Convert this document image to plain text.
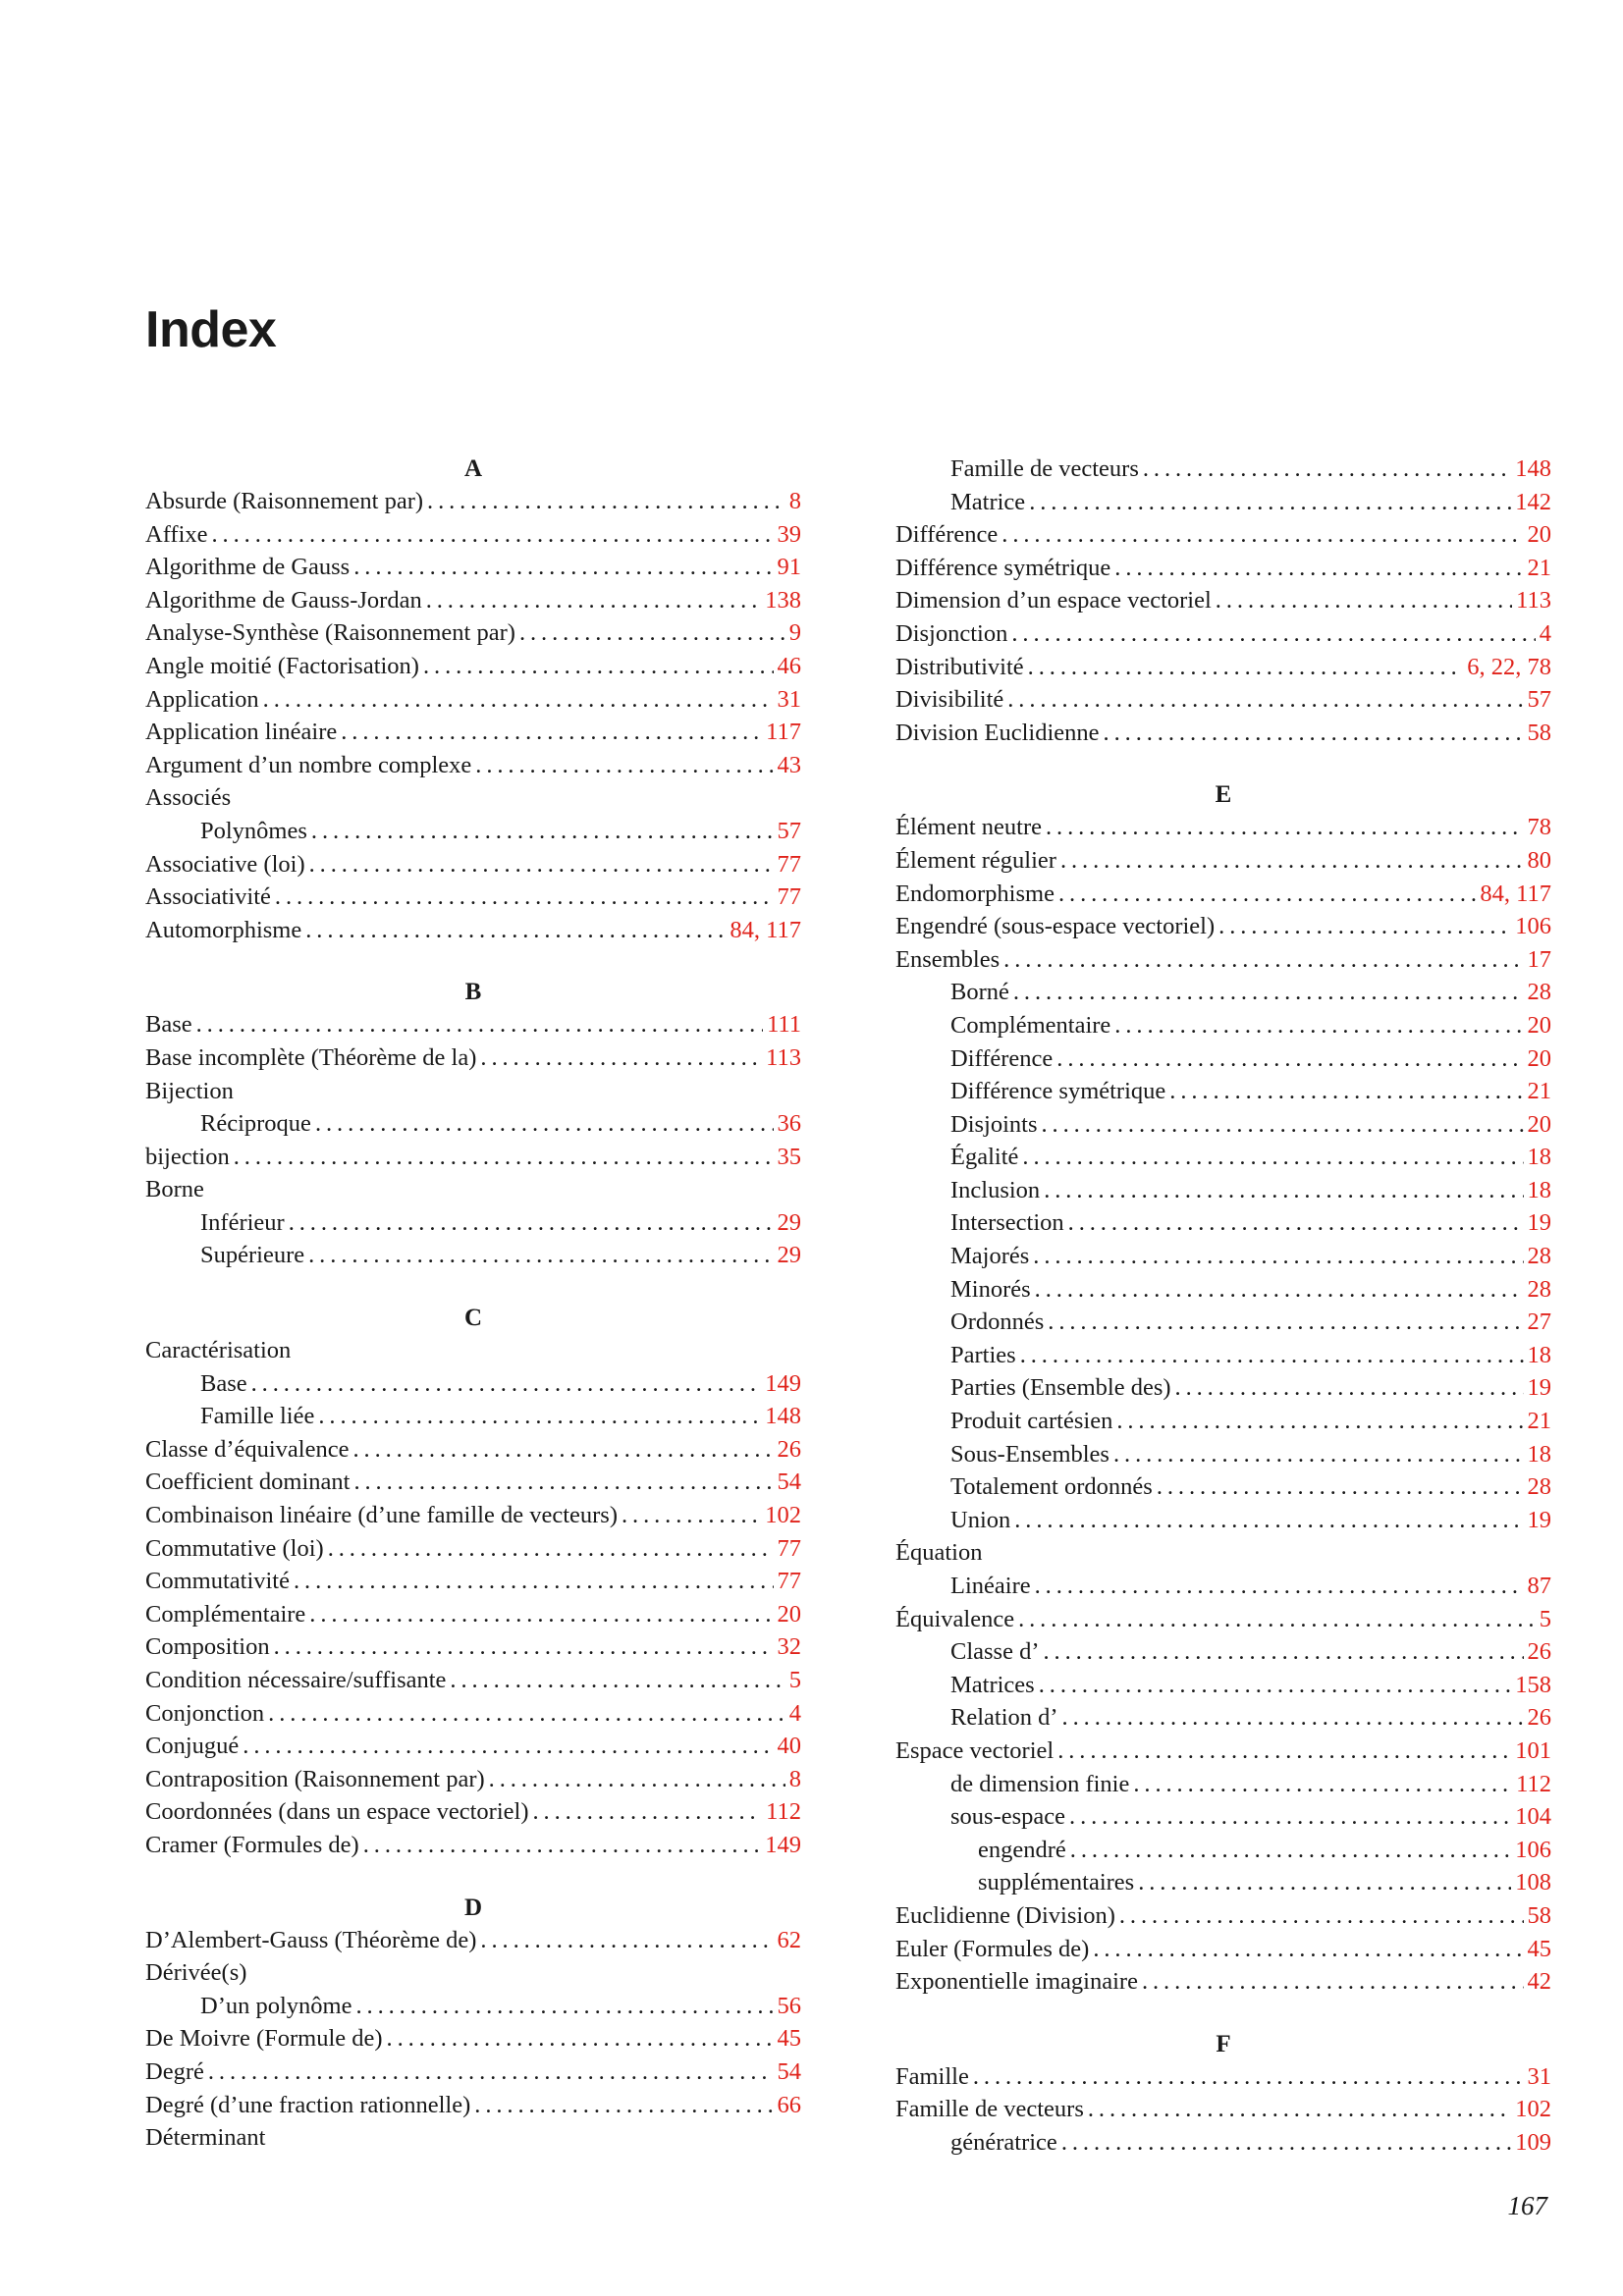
Index
A
Absurde (Raisonnement par) . . .	8
Affixe . . .	39
Algorithme de Gauss . . .	91
Algorithme de Gauss-Jordan . . .	138
Analyse-Synthèse (Raisonnement par) . . .	9
Angle moitié (Factorisation) . . .	46
Application . . .	31
Application linéaire . . .	117
Argument d’un nombre complexe . . .	43
Associés
Polynômes . . .	57
Associative (loi) . . .	77
Associativité . . .	77
Automorphisme . . .	84, 117
B
Base . . .	111
Base incomplète (Théorème de la) . . .	113
Bijection
Réciproque . . .	36
bijection . . .	35
Borne
Inférieur . . .	29
Supérieure . . .	29
C
Caractérisation
Base . . .	149
Famille liée . . .	148
Classe d’équivalence . . .	26
Coefficient dominant . . .	54
Combinaison linéaire (d’une famille de vecteurs) . . .	102
Commutative (loi) . . .	77
Commutativité . . .	77
Complémentaire . . .	20
Composition . . .	32
Condition nécessaire/suffisante . . .	5
Conjonction . . .	4
Conjugué . . .	40
Contraposition (Raisonnement par) . . .	8
Coordonnées (dans un espace vectoriel) . . .	112
Cramer (Formules de) . . .	149
D
D’Alembert-Gauss (Théorème de) . . .	62
Dérivée(s)
D’un polynôme . . .	56
De Moivre (Formule de) . . .	45
Degré . . .	54
Degré (d’une fraction rationnelle) . . .	66
Déterminant
Famille de vecteurs . . .	148
Matrice . . .	142
Différence . . .	20
Différence symétrique . . .	21
Dimension d’un espace vectoriel . . .	113
Disjonction . . .	4
Distributivité . . .	6, 22, 78
Divisibilité . . .	57
Division Euclidienne . . .	58
E
Élément neutre . . .	78
Élement régulier . . .	80
Endomorphisme . . .	84, 117
Engendré (sous-espace vectoriel) . . .	106
Ensembles . . .	17
Borné . . .	28
Complémentaire . . .	20
Différence . . .	20
Différence symétrique . . .	21
Disjoints . . .	20
Égalité . . .	18
Inclusion . . .	18
Intersection . . .	19
Majorés . . .	28
Minorés . . .	28
Ordonnés . . .	27
Parties . . .	18
Parties (Ensemble des) . . .	19
Produit cartésien . . .	21
Sous-Ensembles . . .	18
Totalement ordonnés . . .	28
Union . . .	19
Équation
Linéaire . . .	87
Équivalence . . .	5
Classe d’ . . .	26
Matrices . . .	158
Relation d’ . . .	26
Espace vectoriel . . .	101
de dimension finie . . .	112
sous-espace . . .	104
engendré . . .	106
supplémentaires . . .	108
Euclidienne (Division) . . .	58
Euler (Formules de) . . .	45
Exponentielle imaginaire . . .	42
F
Famille . . .	31
Famille de vecteurs . . .	102
génératrice . . .	109
167
